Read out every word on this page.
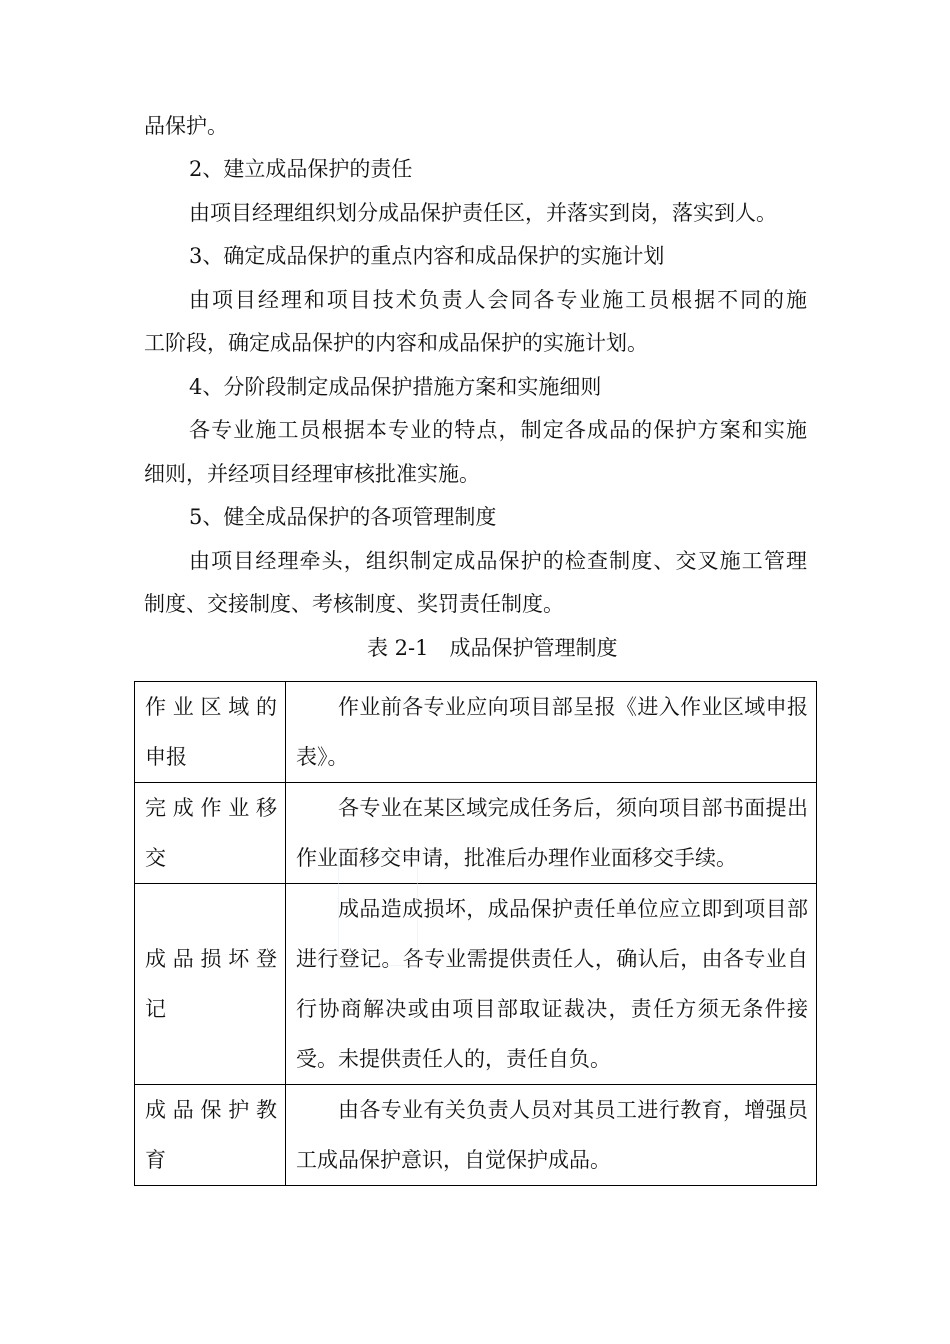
品保护。
2、建立成品保护的责任
由项目经理组织划分成品保护责任区，并落实到岗，落实到人。
3、确定成品保护的重点内容和成品保护的实施计划
由项目经理和项目技术负责人会同各专业施工员根据不同的施
工阶段，确定成品保护的内容和成品保护的实施计划。
4、分阶段制定成品保护措施方案和实施细则
各专业施工员根据本专业的特点，制定各成品的保护方案和实施
细则，并经项目经理审核批准实施。
5、健全成品保护的各项管理制度
由项目经理牵头，组织制定成品保护的检查制度、交叉施工管理
制度、交接制度、考核制度、奖罚责任制度。
表 2-1　成品保护管理制度
作业区域的
申报	作业前各专业应向项目部呈报《进入作业区域申报表》。

完成作业移
交	各专业在某区域完成任务后，须向项目部书面提出作业面移交申请，批准后办理作业面移交手续。

成品损坏登
记	成品造成损坏，成品保护责任单位应立即到项目部进行登记。各专业需提供责任人，确认后，由各专业自行协商解决或由项目部取证裁决，责任方须无条件接受。未提供责任人的，责任自负。

成品保护教
育	由各专业有关负责人员对其员工进行教育，增强员工成品保护意识，自觉保护成品。
